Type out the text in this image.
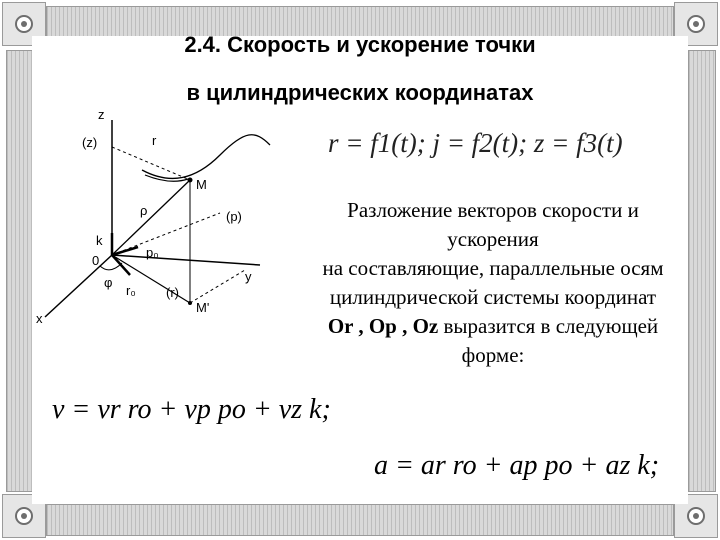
2.4. Скорость и ускорение точки
в цилиндрических координатах
r = f1(t); j = f2(t); z = f3(t)
Разложение векторов скорости и
ускорения
на составляющие, параллельные осям
цилиндрической системы координат
Or , Op , Oz выразится в следующей
форме:
v = vr ro + vp po + vz k;
a = ar ro + ap po + az k;
z
(z)	r
M
ρ	(p)
k
0
p₀
y
φ
r₀ (r)
M'
x
